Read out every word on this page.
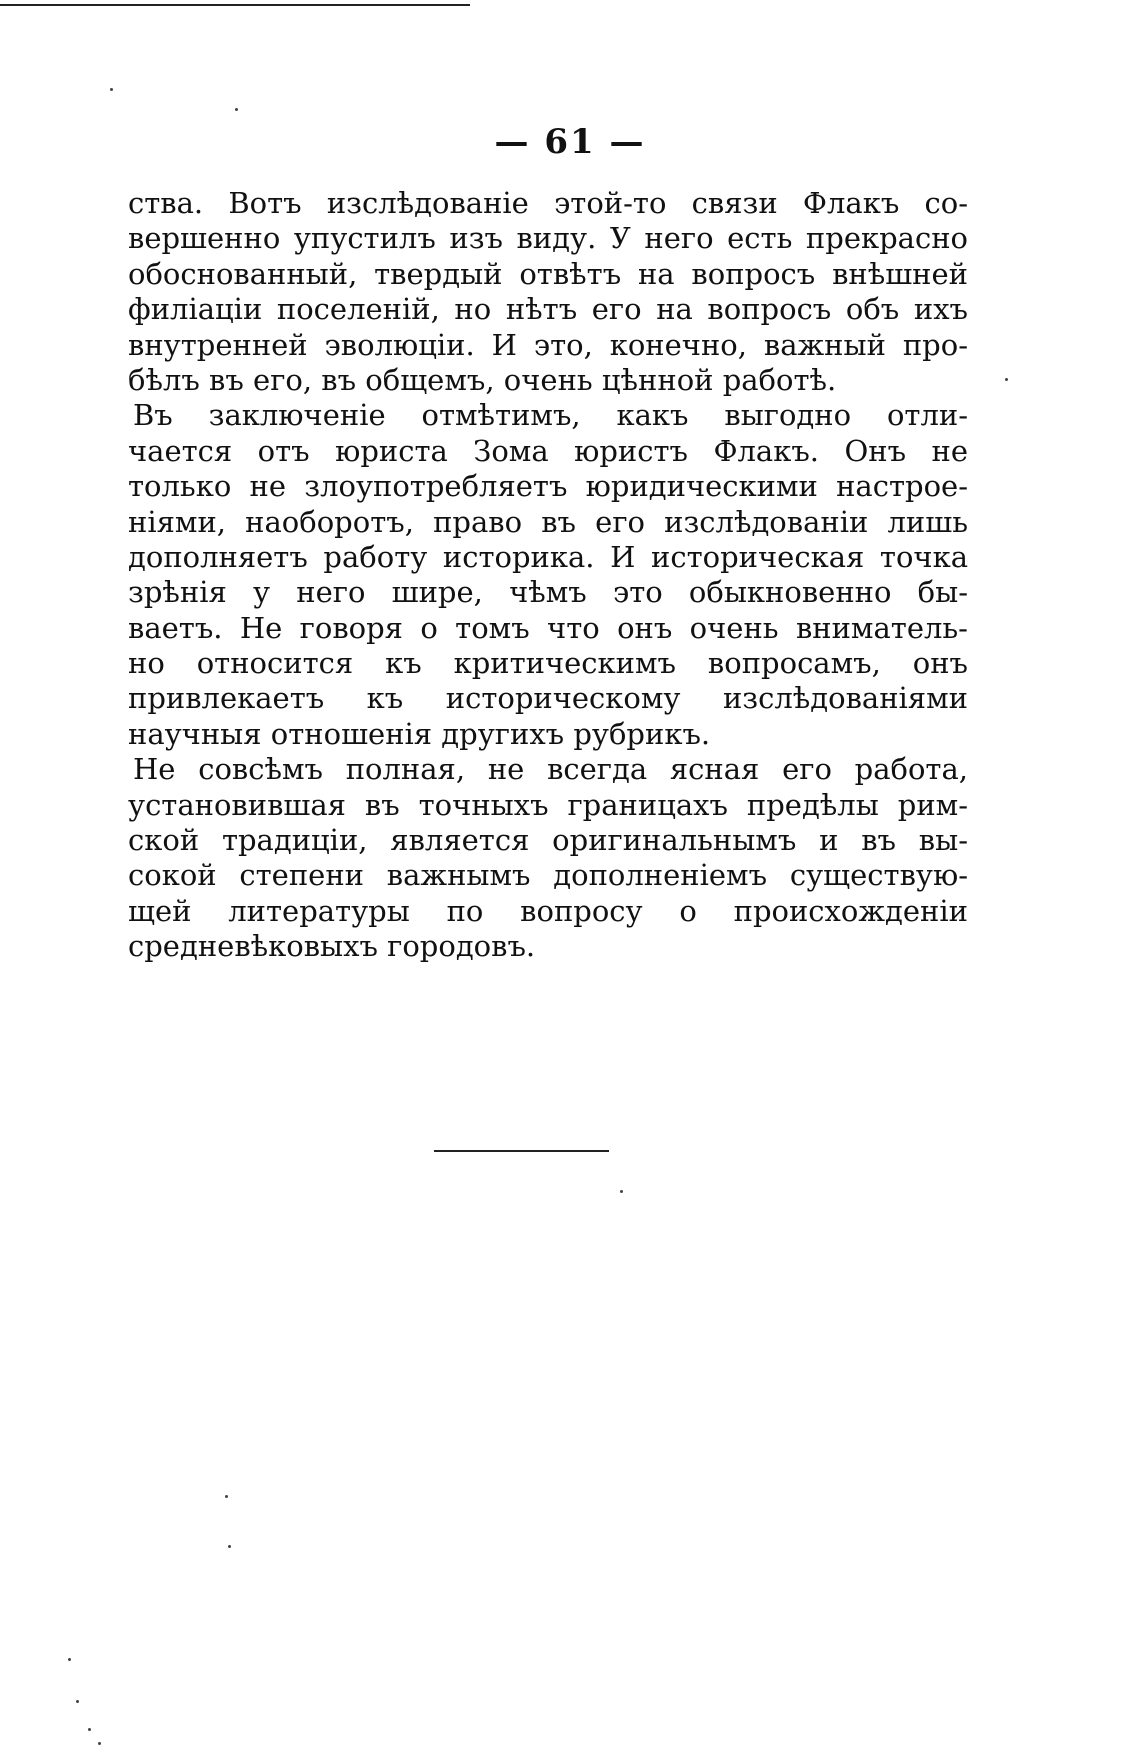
— 61 —
ства. Вотъ изслѣдованіе этой-то связи Флакъ со-
вершенно упустилъ изъ виду. У него есть прекрасно
обоснованный, твердый отвѣтъ на вопросъ внѣшней
филіаціи поселеній, но нѣтъ его на вопросъ объ ихъ
внутренней эволюціи. И это, конечно, важный про-
бѣлъ въ его, въ общемъ, очень цѣнной работѣ.
Въ заключеніе отмѣтимъ, какъ выгодно отли-
чается отъ юриста Зома юристъ Флакъ. Онъ не
только не злоупотребляетъ юридическими настрое-
ніями, наоборотъ, право въ его изслѣдованіи лишь
дополняетъ работу историка. И историческая точка
зрѣнія у него шире, чѣмъ это обыкновенно бы-
ваетъ. Не говоря о томъ что онъ очень вниматель-
но относится къ критическимъ вопросамъ, онъ
привлекаетъ къ историческому изслѣдованіями
научныя отношенія другихъ рубрикъ.
Не совсѣмъ полная, не всегда ясная его работа,
установившая въ точныхъ границахъ предѣлы рим-
ской традиціи, является оригинальнымъ и въ вы-
сокой степени важнымъ дополненіемъ существую-
щей литературы по вопросу о происхожденіи
средневѣковыхъ городовъ.
